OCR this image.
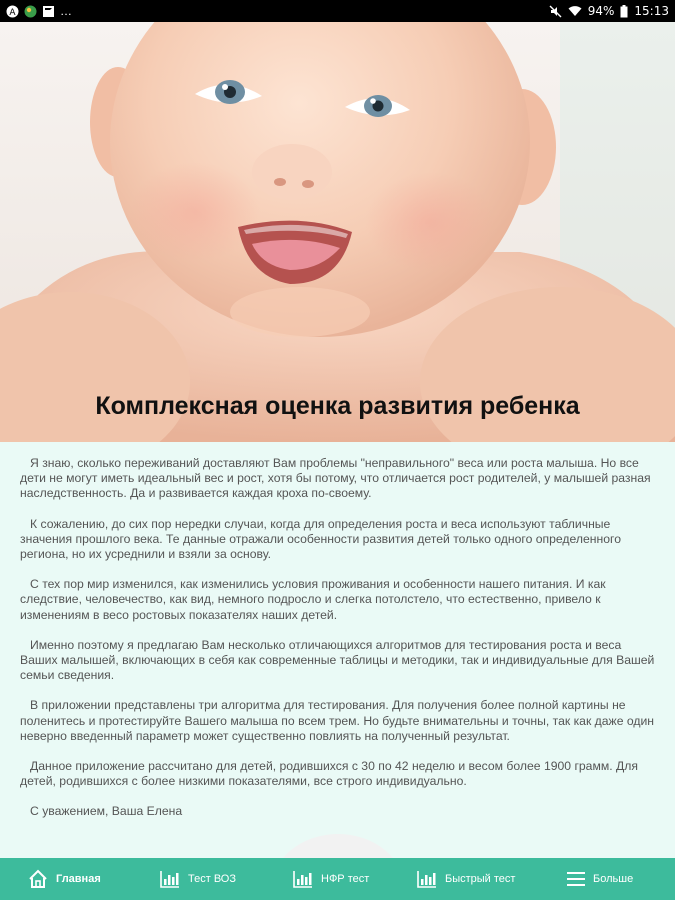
A	…	94% 15:13
Комплексная оценка развития ребенка

Я знаю, сколько переживаний доставляют Вам проблемы "неправильного" веса или роста малыша. Но все дети не могут иметь идеальный вес и рост, хотя бы потому, что отличается рост родителей, у малышей разная наследственность. Да и развивается каждая кроха по-своему.

К сожалению, до сих пор нередки случаи, когда для определения роста и веса используют табличные значения прошлого века. Те данные отражали особенности развития детей только одного определенного региона, но их усреднили и взяли за основу.

С тех пор мир изменился, как изменились условия проживания и особенности нашего питания. И как следствие, человечество, как вид, немного подросло и слегка потолстело, что естественно, привело к изменениям в весо ростовых показателях наших детей.

Именно поэтому я предлагаю Вам несколько отличающихся алгоритмов для тестирования роста и веса Ваших малышей, включающих в себя как современные таблицы и методики, так и индивидуальные для Вашей семьи сведения.

В приложении представлены три алгоритма для тестирования. Для получения более полной картины не поленитесь и протестируйте Вашего малыша по всем трем. Но будьте внимательны и точны, так как даже один неверно введенный параметр может существенно повлиять на полученный результат.

Данное приложение рассчитано для детей, родившихся с 30 по 42 неделю и весом более 1900 грамм. Для детей, родившихся с более низкими показателями, все строго индивидуально.

С уважением, Ваша Елена

Главная	Тест ВОЗ	НФР тест	Быстрый тест	Больше
